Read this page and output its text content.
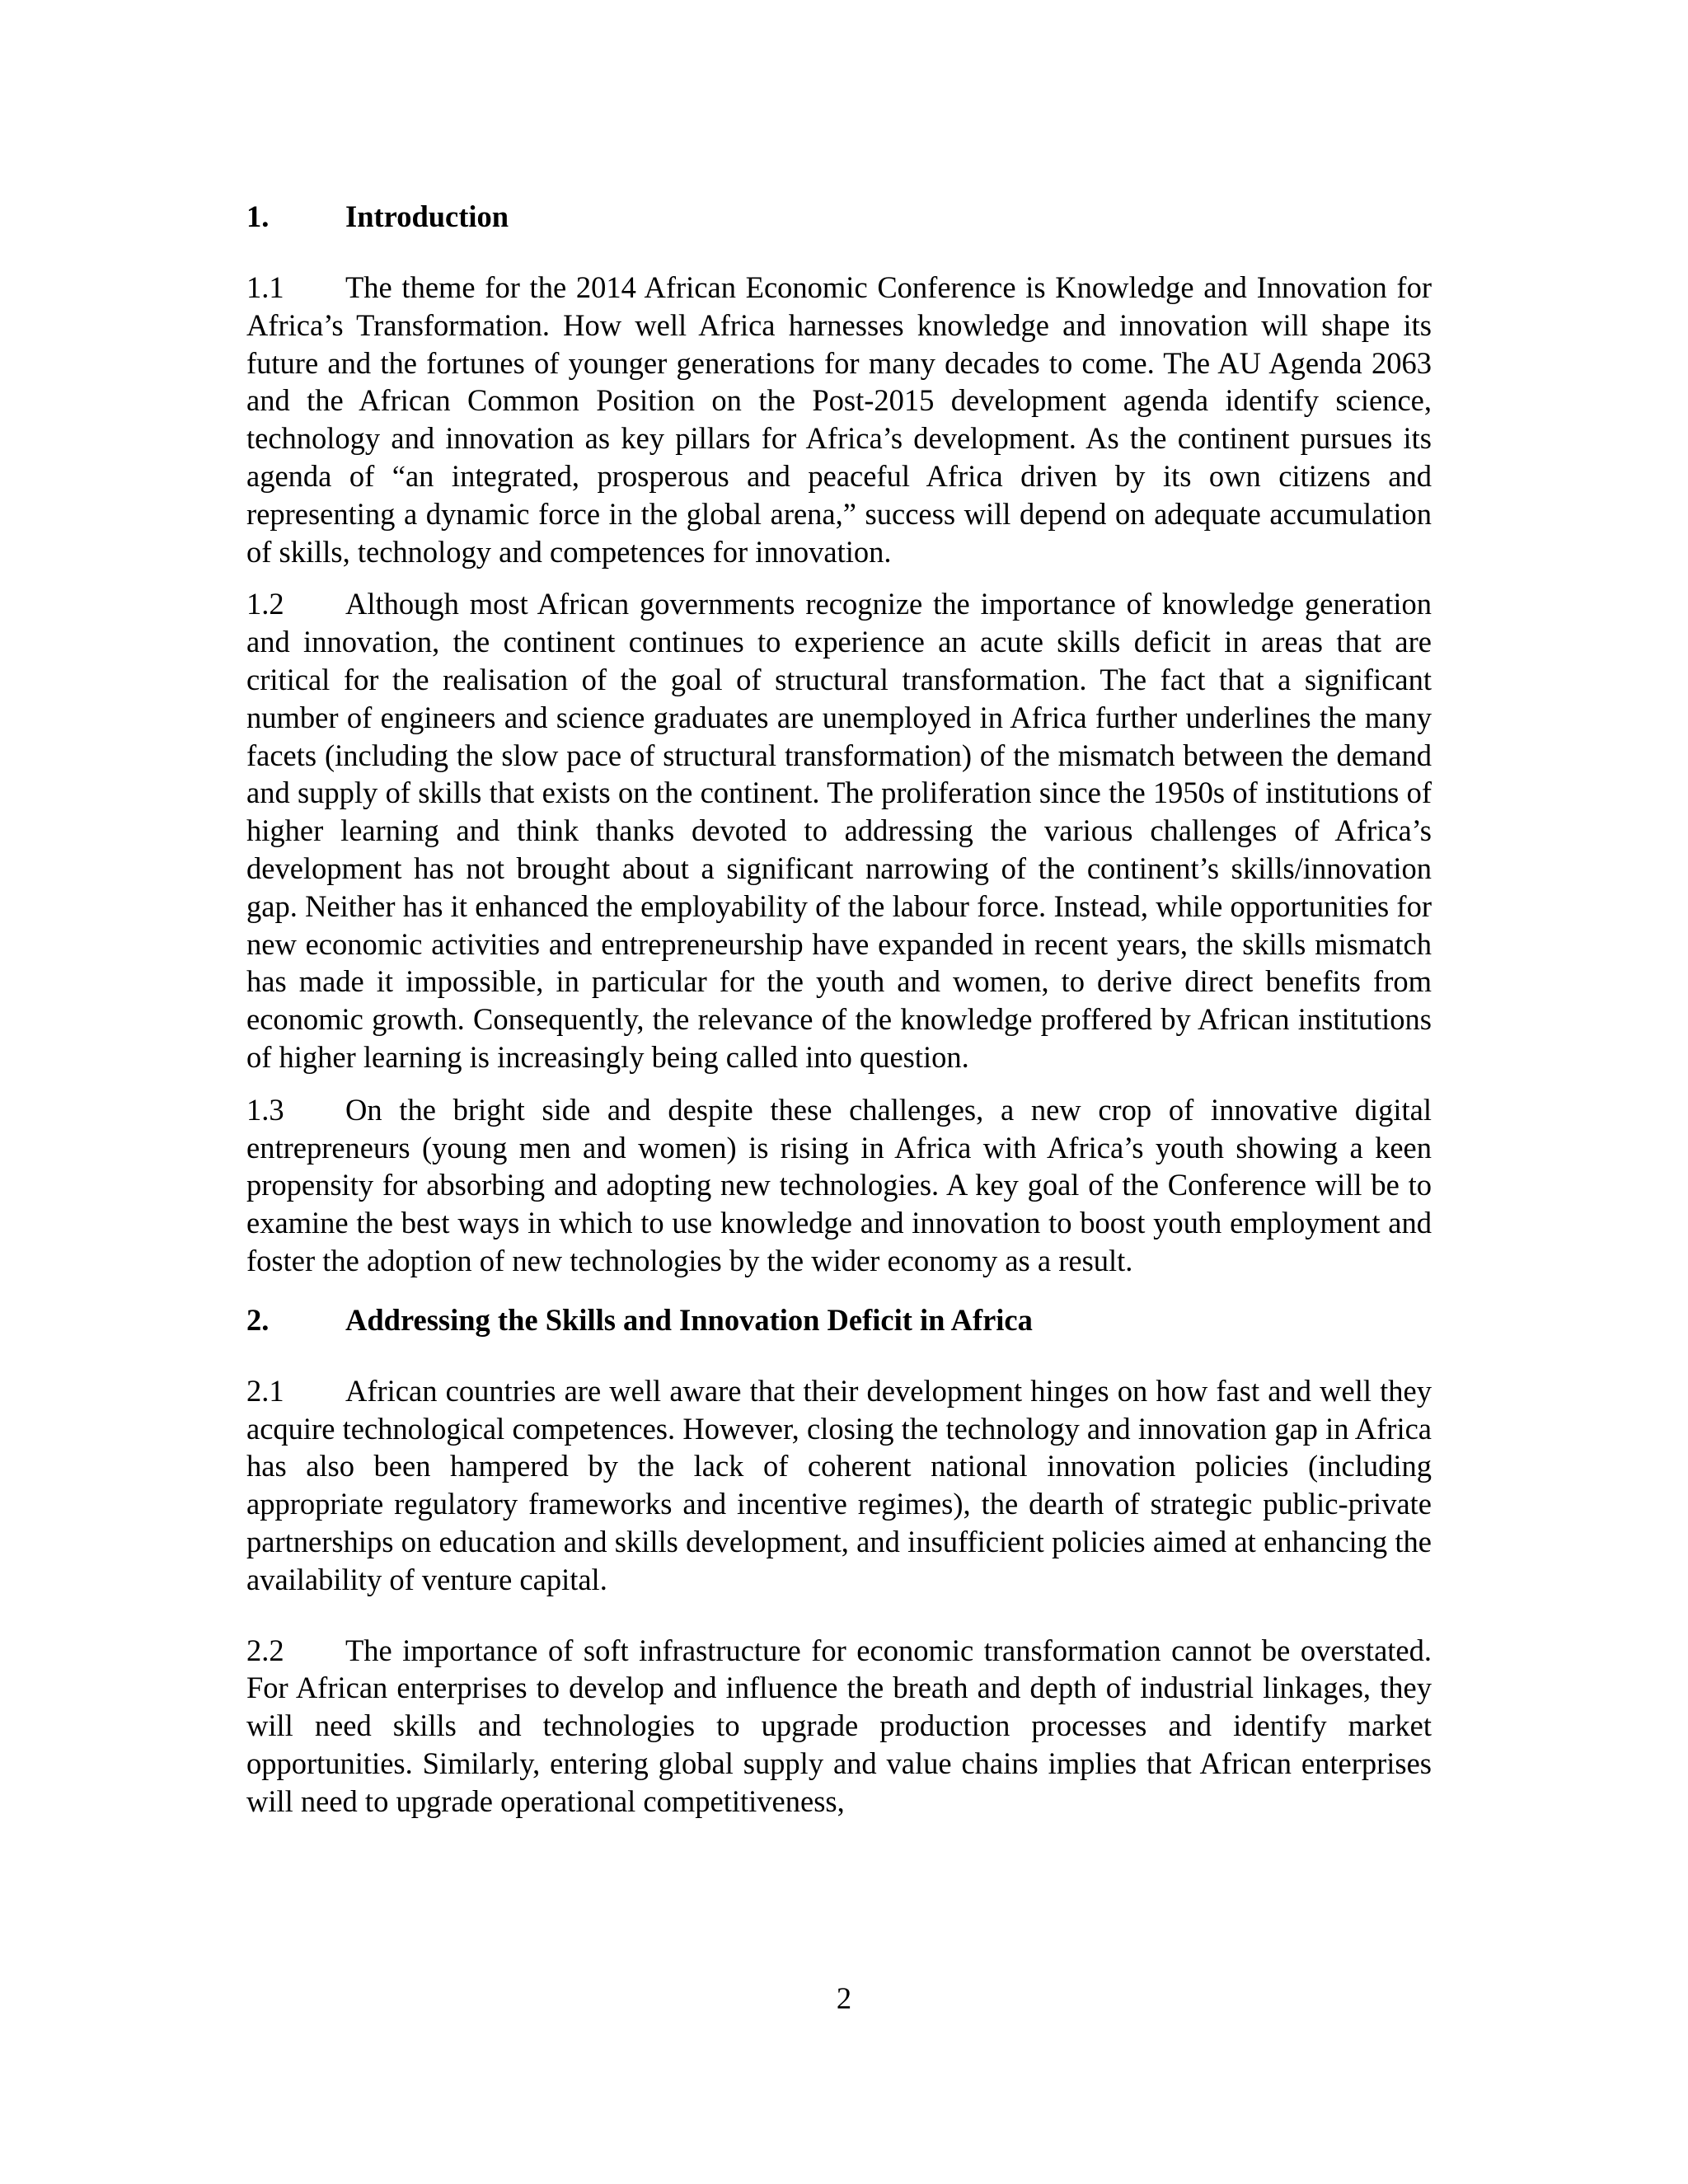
1.	Introduction

1.1 The theme for the 2014 African Economic Conference is Knowledge and Innovation for Africa’s Transformation. How well Africa harnesses knowledge and innovation will shape its future and the fortunes of younger generations for many decades to come. The AU Agenda 2063 and the African Common Position on the Post-2015 development agenda identify science, technology and innovation as key pillars for Africa’s development. As the continent pursues its agenda of “an integrated, prosperous and peaceful Africa driven by its own citizens and representing a dynamic force in the global arena,” success will depend on adequate accumulation of skills, technology and competences for innovation.

1.2 Although most African governments recognize the importance of knowledge generation and innovation, the continent continues to experience an acute skills deficit in areas that are critical for the realisation of the goal of structural transformation. The fact that a significant number of engineers and science graduates are unemployed in Africa further underlines the many facets (including the slow pace of structural transformation) of the mismatch between the demand and supply of skills that exists on the continent. The proliferation since the 1950s of institutions of higher learning and think thanks devoted to addressing the various challenges of Africa’s development has not brought about a significant narrowing of the continent’s skills/innovation gap. Neither has it enhanced the employability of the labour force. Instead, while opportunities for new economic activities and entrepreneurship have expanded in recent years, the skills mismatch has made it impossible, in particular for the youth and women, to derive direct benefits from economic growth. Consequently, the relevance of the knowledge proffered by African institutions of higher learning is increasingly being called into question.

1.3 On the bright side and despite these challenges, a new crop of innovative digital entrepreneurs (young men and women) is rising in Africa with Africa’s youth showing a keen propensity for absorbing and adopting new technologies. A key goal of the Conference will be to examine the best ways in which to use knowledge and innovation to boost youth employment and foster the adoption of new technologies by the wider economy as a result.

2.	Addressing the Skills and Innovation Deficit in Africa

2.1 African countries are well aware that their development hinges on how fast and well they acquire technological competences. However, closing the technology and innovation gap in Africa has also been hampered by the lack of coherent national innovation policies (including appropriate regulatory frameworks and incentive regimes), the dearth of strategic public-private partnerships on education and skills development, and insufficient policies aimed at enhancing the availability of venture capital.

2.2 The importance of soft infrastructure for economic transformation cannot be overstated. For African enterprises to develop and influence the breath and depth of industrial linkages, they will need skills and technologies to upgrade production processes and identify market opportunities. Similarly, entering global supply and value chains implies that African enterprises will need to upgrade operational competitiveness,

2
